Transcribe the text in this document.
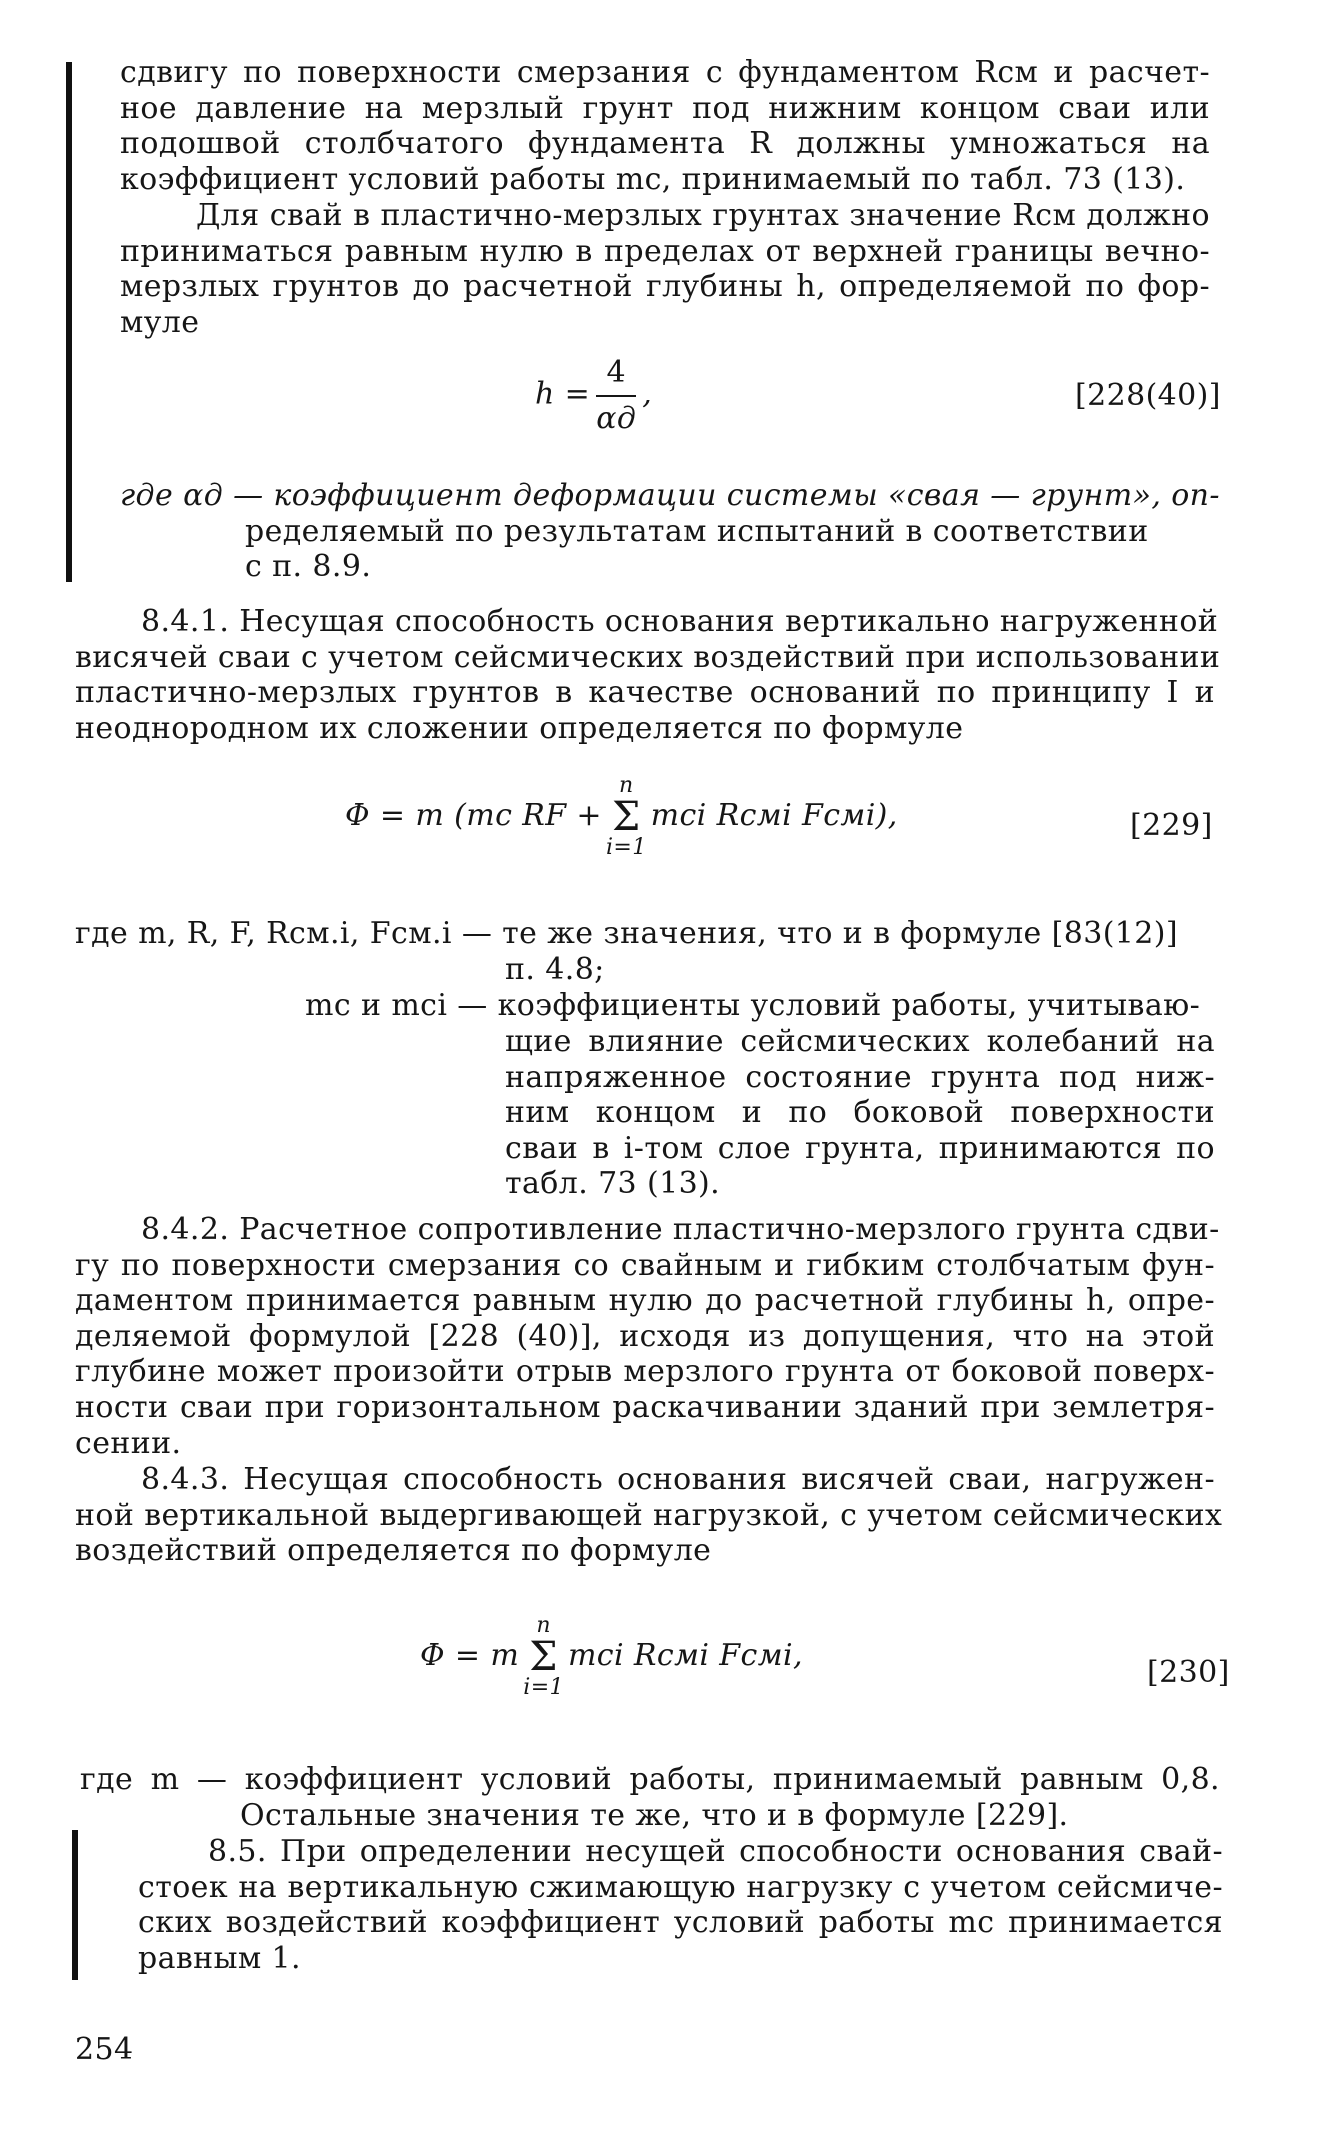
сдвигу по поверхности смерзания с фундаментом Rсм и расчет-
ное давление на мерзлый грунт под нижним концом сваи или
подошвой столбчатого фундамента R должны умножаться на
коэффициент условий работы mс, принимаемый по табл. 73 (13).
Для свай в пластично-мерзлых грунтах значение Rсм должно
приниматься равным нулю в пределах от верхней границы вечно-
мерзлых грунтов до расчетной глубины h, определяемой по фор-
муле
$h = \frac{4}{\alpha д}$ ,	[228(40)]
где αд — коэффициент деформации системы «свая — грунт», оп-
ределяемый по результатам испытаний в соответствии
с п. 8.9.
8.4.1. Несущая способность основания вертикально нагруженной
висячей сваи с учетом сейсмических воздействий при использовании
пластично-мерзлых грунтов в качестве оснований по принципу I и
неоднородном их сложении определяется по формуле
Φ = m (mc RF +
n
Σ
i=1
mci Rсмi Fсмi),	[229]
где m, R, F, Rсм.i, Fсм.i — те же значения, что и в формуле [83(12)]
п. 4.8;
mс и mci — коэффициенты условий работы, учитываю-
щие влияние сейсмических колебаний на
напряженное состояние грунта под ниж-
ним концом и по боковой поверхности
сваи в i-том слое грунта, принимаются по
табл. 73 (13).
8.4.2. Расчетное сопротивление пластично-мерзлого грунта сдви-
гу по поверхности смерзания со свайным и гибким столбчатым фун-
даментом принимается равным нулю до расчетной глубины h, опре-
деляемой формулой [228 (40)], исходя из допущения, что на этой
глубине может произойти отрыв мерзлого грунта от боковой поверх-
ности сваи при горизонтальном раскачивании зданий при землетря-
сении.
8.4.3. Несущая способность основания висячей сваи, нагружен-
ной вертикальной выдергивающей нагрузкой, с учетом сейсмических
воздействий определяется по формуле
Φ = m
n
Σ
i=1
mci Rсмi Fсмi,	[230]
где m — коэффициент условий работы, принимаемый равным 0,8.
Остальные значения те же, что и в формуле [229].
8.5. При определении несущей способности основания свай-
стоек на вертикальную сжимающую нагрузку с учетом сейсмиче-
ских воздействий коэффициент условий работы mс принимается
равным 1.
254
